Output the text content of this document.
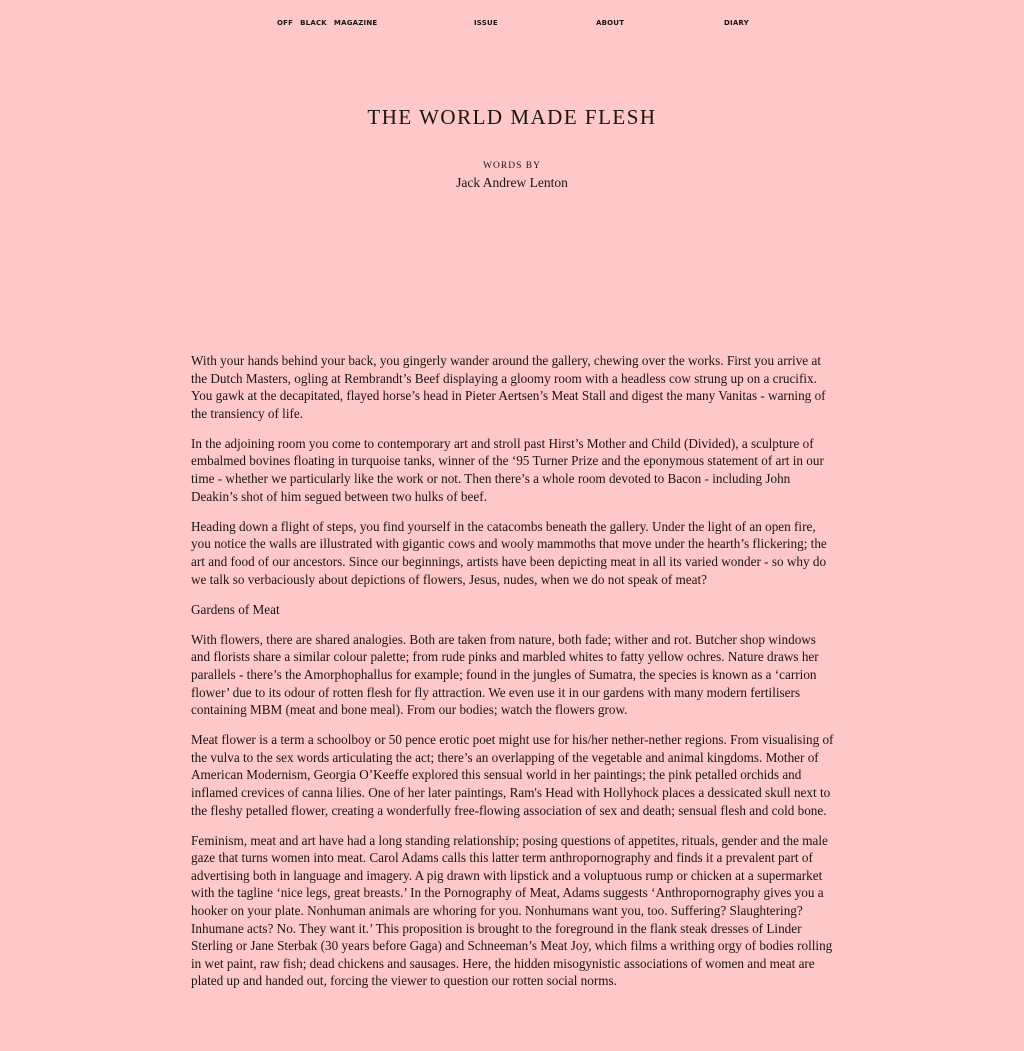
OFF BLACK MAGAZINE	ISSUE	ABOUT	DIARY
THE WORLD MADE FLESH
WORDS BY
Jack Andrew Lenton

With your hands behind your back, you gingerly wander around the gallery, chewing over the works. First you arrive at the Dutch Masters, ogling at Rembrandt’s Beef displaying a gloomy room with a headless cow strung up on a crucifix. You gawk at the decapitated, flayed horse’s head in Pieter Aertsen’s Meat Stall and digest the many Vanitas - warning of the transiency of life.

In the adjoining room you come to contemporary art and stroll past Hirst’s Mother and Child (Divided), a sculpture of embalmed bovines floating in turquoise tanks, winner of the ‘95 Turner Prize and the eponymous statement of art in our time - whether we particularly like the work or not. Then there’s a whole room devoted to Bacon - including John Deakin’s shot of him segued between two hulks of beef.

Heading down a flight of steps, you find yourself in the catacombs beneath the gallery. Under the light of an open fire, you notice the walls are illustrated with gigantic cows and wooly mammoths that move under the hearth’s flickering; the art and food of our ancestors. Since our beginnings, artists have been depicting meat in all its varied wonder - so why do we talk so verbaciously about depictions of flowers, Jesus, nudes, when we do not speak of meat?

Gardens of Meat

With flowers, there are shared analogies. Both are taken from nature, both fade; wither and rot. Butcher shop windows and florists share a similar colour palette; from rude pinks and marbled whites to fatty yellow ochres. Nature draws her parallels - there’s the Amorphophallus for example; found in the jungles of Sumatra, the species is known as a ‘carrion flower’ due to its odour of rotten flesh for fly attraction. We even use it in our gardens with many modern fertilisers containing MBM (meat and bone meal). From our bodies; watch the flowers grow.

Meat flower is a term a schoolboy or 50 pence erotic poet might use for his/her nether-nether regions. From visualising of the vulva to the sex words articulating the act; there’s an overlapping of the vegetable and animal kingdoms. Mother of American Modernism, Georgia O’Keeffe explored this sensual world in her paintings; the pink petalled orchids and inflamed crevices of canna lilies. One of her later paintings, Ram's Head with Hollyhock places a dessicated skull next to the fleshy petalled flower, creating a wonderfully free-flowing association of sex and death; sensual flesh and cold bone.

Feminism, meat and art have had a long standing relationship; posing questions of appetites, rituals, gender and the male gaze that turns women into meat. Carol Adams calls this latter term anthropornography and finds it a prevalent part of advertising both in language and imagery. A pig drawn with lipstick and a voluptuous rump or chicken at a supermarket with the tagline ‘nice legs, great breasts.’ In the Pornography of Meat, Adams suggests ‘Anthropornography gives you a hooker on your plate. Nonhuman animals are whoring for you. Nonhumans want you, too. Suffering? Slaughtering? Inhumane acts? No. They want it.’ This proposition is brought to the foreground in the flank steak dresses of Linder Sterling or Jane Sterbak (30 years before Gaga) and Schneeman’s Meat Joy, which films a writhing orgy of bodies rolling in wet paint, raw fish; dead chickens and sausages. Here, the hidden misogynistic associations of women and meat are plated up and handed out, forcing the viewer to question our rotten social norms.
